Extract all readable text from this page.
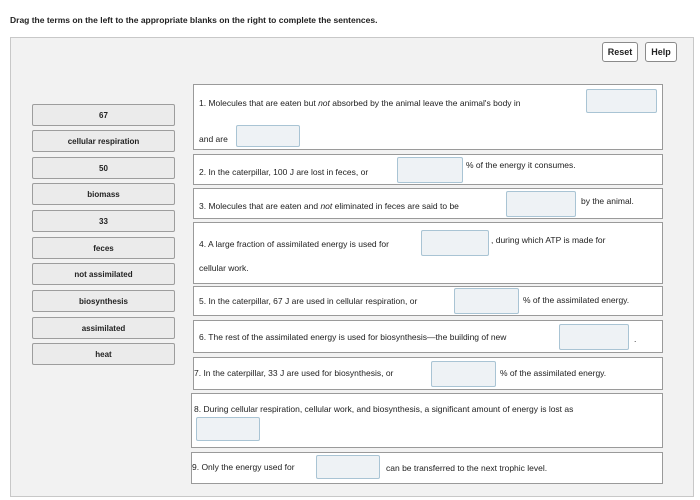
Drag the terms on the left to the appropriate blanks on the right to complete the sentences.
Reset	Help
67
cellular respiration
50
biomass
33
feces
not assimilated
biosynthesis
assimilated
heat
1. Molecules that are eaten but not absorbed by the animal leave the animal's body in
and are
2. In the caterpillar, 100 J are lost in feces, or
% of the energy it consumes.
3. Molecules that are eaten and not eliminated in feces are said to be	by the animal.
4. A large fraction of assimilated energy is used for	, during which ATP is made for
cellular work.
5. In the caterpillar, 67 J are used in cellular respiration, or	% of the assimilated energy.
6. The rest of the assimilated energy is used for biosynthesis—the building of new	.
7. In the caterpillar, 33 J are used for biosynthesis, or	% of the assimilated energy.
8. During cellular respiration, cellular work, and biosynthesis, a significant amount of energy is lost as
9. Only the energy used for	can be transferred to the next trophic level.
